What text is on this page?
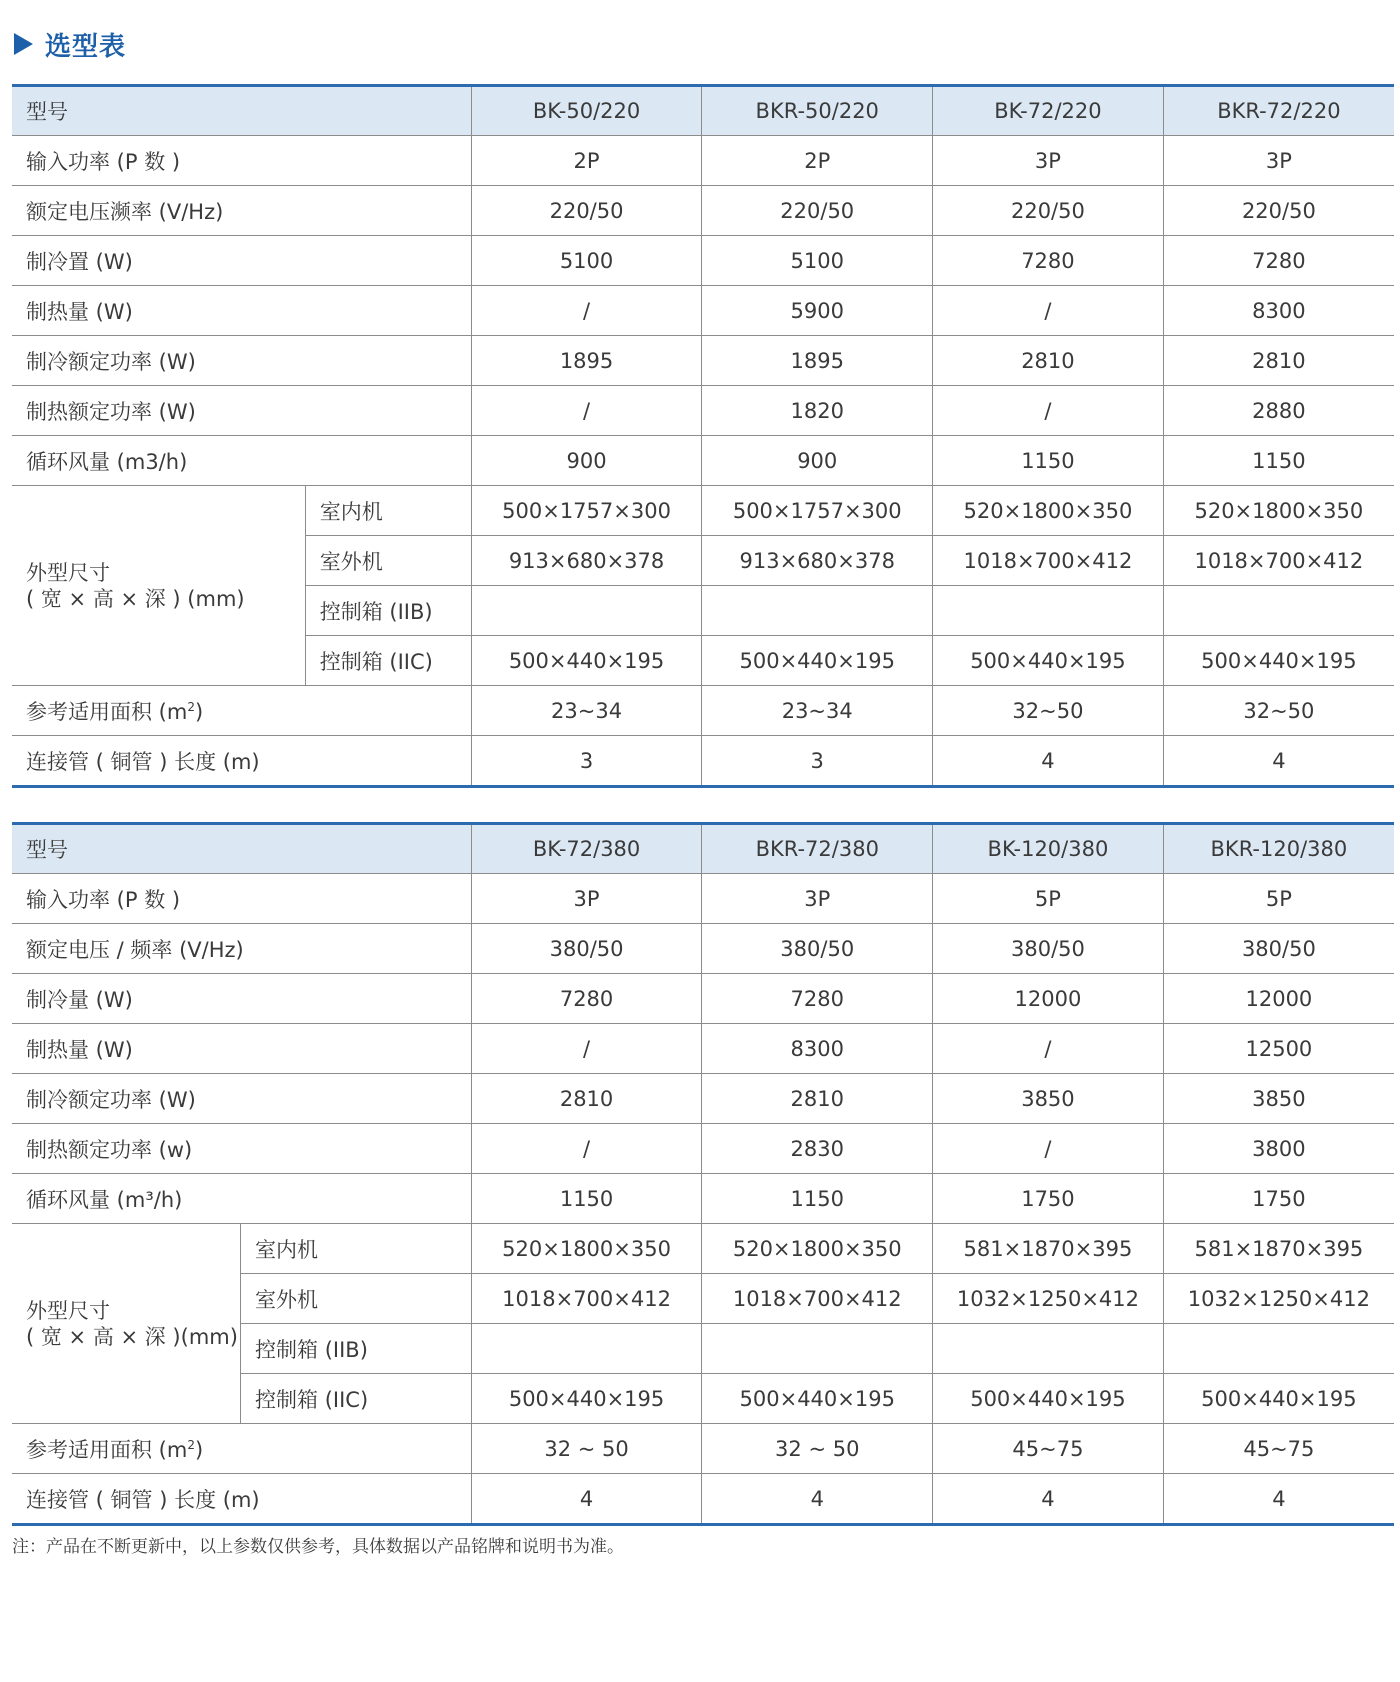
选型表
型号		BK-50/220	BKR-50/220	BK-72/220	BKR-72/220
输入功率 (P 数 )		2P	2P	3P	3P
额定电压濒率 (V/Hz)		220/50	220/50	220/50	220/50
制冷置 (W)		5100	5100	7280	7280
制热量 (W)		/	5900	/	8300
制冷额定功率 (W)		1895	1895	2810	2810
制热额定功率 (W)		/	1820	/	2880
循环风量 (m3/h)		900	900	1150	1150

外型尺寸
( 宽 × 高 × 深 ) (mm)	室内机	500×1757×300	500×1757×300	520×1800×350	520×1800×350
	室外机	913×680×378	913×680×378	1018×700×412	1018×700×412
	控制箱 (IIB)				
	控制箱 (IIC)	500×440×195	500×440×195	500×440×195	500×440×195
参考适用面积 $(m^2)$		23~34	23~34	32~50	32~50
连接管 ( 铜管 ) 长度 (m)		3	3	4	4
型号		BK-72/380	BKR-72/380	BK-120/380	BKR-120/380
输入功率 (P 数 )		3P	3P	5P	5P
额定电压 / 频率 (V/Hz)		380/50	380/50	380/50	380/50
制冷量 (W)		7280	7280	12000	12000
制热量 (W)		/	8300	/	12500
制冷额定功率 (W)		2810	2810	3850	3850
制热额定功率 (w)		/	2830	/	3800
循环风量 (m³/h)		1150	1150	1750	1750

外型尺寸
( 宽 × 高 × 深 )(mm)	室内机	520×1800×350	520×1800×350	581×1870×395	581×1870×395
	室外机	1018×700×412	1018×700×412	1032×1250×412	1032×1250×412
	控制箱 (IIB)				
	控制箱 (IIC)	500×440×195	500×440×195	500×440×195	500×440×195
参考适用面积 $(m^2)$		32 ~ 50	32 ~ 50	45~75	45~75
连接管 ( 铜管 ) 长度 (m)		4	4	4	4
注：产品在不断更新中，以上参数仅供参考，具体数据以产品铭牌和说明书为准。
